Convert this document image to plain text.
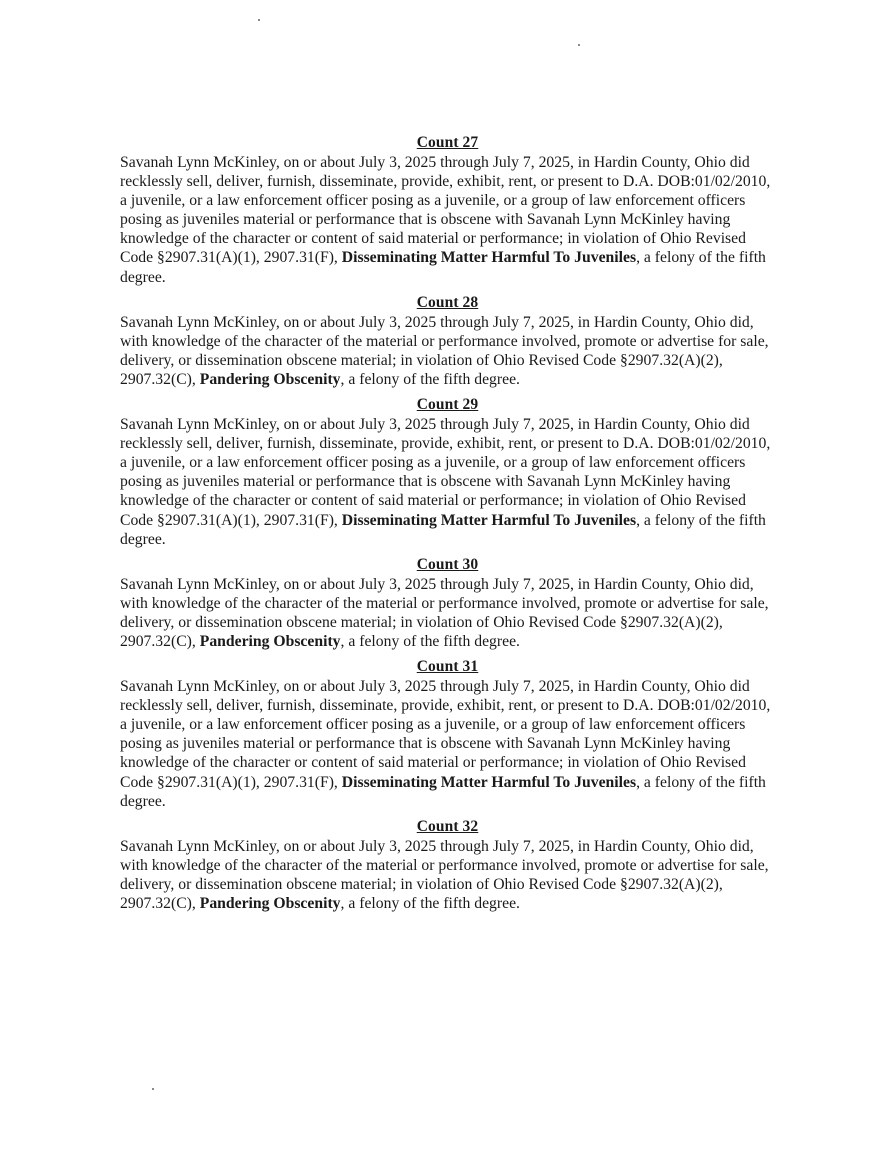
Count 27

Savanah Lynn McKinley, on or about July 3, 2025 through July 7, 2025, in Hardin County, Ohio did recklessly sell, deliver, furnish, disseminate, provide, exhibit, rent, or present to D.A. DOB:01/02/2010, a juvenile, or a law enforcement officer posing as a juvenile, or a group of law enforcement officers posing as juveniles material or performance that is obscene with Savanah Lynn McKinley having knowledge of the character or content of said material or performance; in violation of Ohio Revised Code §2907.31(A)(1), 2907.31(F), Disseminating Matter Harmful To Juveniles, a felony of the fifth degree.

Count 28

Savanah Lynn McKinley, on or about July 3, 2025 through July 7, 2025, in Hardin County, Ohio did, with knowledge of the character of the material or performance involved, promote or advertise for sale, delivery, or dissemination obscene material; in violation of Ohio Revised Code §2907.32(A)(2), 2907.32(C), Pandering Obscenity, a felony of the fifth degree.

Count 29

Savanah Lynn McKinley, on or about July 3, 2025 through July 7, 2025, in Hardin County, Ohio did recklessly sell, deliver, furnish, disseminate, provide, exhibit, rent, or present to D.A. DOB:01/02/2010, a juvenile, or a law enforcement officer posing as a juvenile, or a group of law enforcement officers posing as juveniles material or performance that is obscene with Savanah Lynn McKinley having knowledge of the character or content of said material or performance; in violation of Ohio Revised Code §2907.31(A)(1), 2907.31(F), Disseminating Matter Harmful To Juveniles, a felony of the fifth degree.

Count 30

Savanah Lynn McKinley, on or about July 3, 2025 through July 7, 2025, in Hardin County, Ohio did, with knowledge of the character of the material or performance involved, promote or advertise for sale, delivery, or dissemination obscene material; in violation of Ohio Revised Code §2907.32(A)(2), 2907.32(C), Pandering Obscenity, a felony of the fifth degree.

Count 31

Savanah Lynn McKinley, on or about July 3, 2025 through July 7, 2025, in Hardin County, Ohio did recklessly sell, deliver, furnish, disseminate, provide, exhibit, rent, or present to D.A. DOB:01/02/2010, a juvenile, or a law enforcement officer posing as a juvenile, or a group of law enforcement officers posing as juveniles material or performance that is obscene with Savanah Lynn McKinley having knowledge of the character or content of said material or performance; in violation of Ohio Revised Code §2907.31(A)(1), 2907.31(F), Disseminating Matter Harmful To Juveniles, a felony of the fifth degree.

Count 32

Savanah Lynn McKinley, on or about July 3, 2025 through July 7, 2025, in Hardin County, Ohio did, with knowledge of the character of the material or performance involved, promote or advertise for sale, delivery, or dissemination obscene material; in violation of Ohio Revised Code §2907.32(A)(2), 2907.32(C), Pandering Obscenity, a felony of the fifth degree.
